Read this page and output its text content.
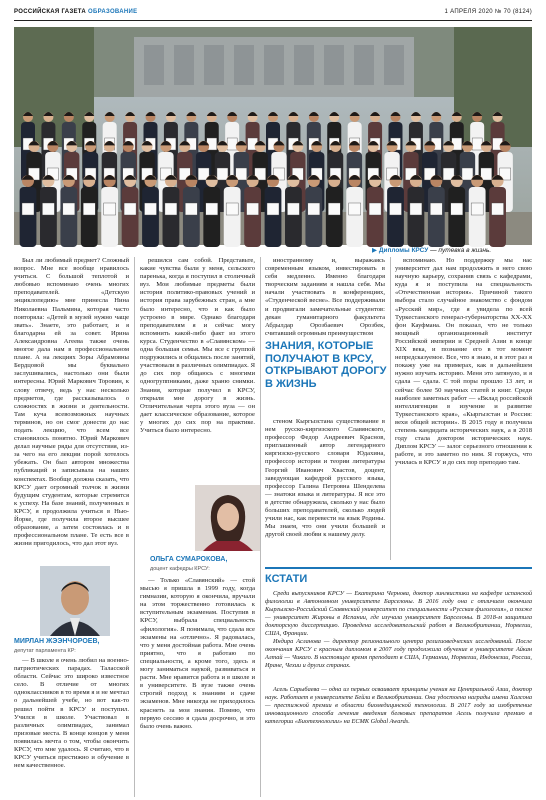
РОССИЙСКАЯ ГАЗЕТА ОБРАЗОВАНИЕ	1 АПРЕЛЯ 2020 № 70 (8124)
▶ Дипломы КРСУ — путевка в жизнь.

Был ли любимый предмет? Сложный вопрос. Мне все вообще нравилось учиться. С большой теплотой и любовью вспоминаю очень многих преподавателей. «Детскую энциклопедию» мне принесла Нина Николаевна Пальмина, которая часто повторяла: «Детей в музей нужно чаще звать». Знаете, это работает, и я благодарна ей за совет. Ирина Александровна Агеева также очень многое дала нам в профессиональном плане. А на лекциях Зоры Абрамовны Бердцовой мы буквально заслушивались, настолько они были интересны. Юрий Маркович Торовин, к слову отвечу, ведь у нас несколько предметов, где рассказывалось о сложностях в жизни и деятельности. Там куча всевозможных научных терминов, но он смог донести до нас подать лекцию, что всем все становилось понятно. Юрий Маркович делал научные ряды для отсутствия, из-за чего на его лекции порой хотелось убежать. Он был автором множества публикаций и записывала на наших конспектах. Вообще должна сказать, что КРСУ дает огромный толчок в жизни будущим студентам, которые стремятся к успеху. На базе знаний, полученных в КРСУ, я продолжила учиться в Нью-Йорке, где получила второе высшее образование, а затем состоялась и в профессиональном плане. Те есть все в жизни пригодилось, что дал этот вуз.

МИРЛАН ЖЭЭНЧОРОЕВ,
депутат парламента КР:

— В школе я очень любил на военно-патриотических парадах. Таласской области. Сейчас это широко известное село. В отличие от многих одноклассников в то время я и не мечтал о дальнейшей учебе, но вот как-то решил пойти в КРСУ и поступил. Учился в школе. Участвовал в различных олимпиадах, занимал призовые места. В конце концов у меня появилась мечта о том, чтобы окончить КРСУ, что мне удалось. Я считаю, что в КРСУ учиться престижно и обучение в нем качественное.

решился сам собой. Представьте, какие чувства были у меня, сельского паренька, когда я поступил в столичный вуз. Мои любимые предметы были история политико-правовых учений и история права зарубежных стран, а мне было интересно, что и как было устроено в мире. Однако благодаря преподавателям я и сейчас могу вспомнить какой-либо факт из этого курса. Студенчество в «Славянском» — одна большая семья. Мы все с группой подружились и общались после занятий, участвовали в различных олимпиадах. Я до сих пор общаюсь с многими одногруппниками, даже храню снимки. Знания, которые получил в КРСУ, открыли мне дорогу в жизнь. Отличительная черта этого вуза — он дает классическое образование, которое у многих до сих пор на практике. Учиться было интересно.

ОЛЬГА СУМАРОКОВА,
доцент кафедры КРСУ:

— Только «Славянский» — стой мысью я пришла в 1999 году, когда гимназии, которую я окончила, вручали на этом торжественно готовилась к вступительным экзаменам. Поступив в КРСУ, выбрала специальность «филология». Я понимала, что сдала все экзамены на «отлично». Я радовалась, что у меня достойная работа. Мне очень приятно, что я работаю по специальности, а кроме того, здесь я могу заниматься наукой, развиваться и расти. Мне нравится работа и в школе и в университете. В вузе также очень строгий подход к знаниям и сдаче экзаменов. Мне никогда не приходилось краснеть за мои знания. Помню, что первую сессию я сдала досрочно, и это было очень важно.

иностранному и, выражаясь современным языком, инвестировать в себя медленно. Именно благодаря творческим заданиям я нашла себя. Мы начали участвовать в конференциях, «Студенческой весне». Все поддерживали и продвигали замечательные студентов: декан гуманитарного факультета Абдылдар Орозбаевич Орозбек, считавший огромным преимуществом

ЗНАНИЯ, КОТОРЫЕ ПОЛУЧАЮТ В КРСУ, ОТКРЫВАЮТ ДОРОГУ В ЖИЗНЬ

стеном Кыргызстана существование в нем русско-киргизского Славянского, профессор Федор Андреевич Краснов, приглашенный автор легендарного киргизско-русского словаря Юдахина, профессор истории и теории литературы Георгий Иванович Хвастов, доцент, заведующая кафедрой русского языка, профессор Галина Петровна Шенделева — знатоки языка и литературы. Я все это в детстве обнаружила, сколько у нас было больших преподавателей, сколько людей учили нас, как перевести на язык Родины. Мы знаем, что они учили большей и другой своей любви к нашему делу.

вспоминаю. Но поддержку мы нас университет дал нам продолжить в него свою научную карьеру, сохранив связь с кафедрами, куда я и поступила на специальность «Отечественная история». Причиной такого выбора стало случайное знакомство с фондом «Русский мир», где я увидела по всей Туркестанского генерал-губернаторства ХХ-ХХ фон Кауфмана. Он показал, что не только мощный организационный институт Российской империи и Средней Азии в конце ХIХ века, и познание его в тот момент непредсказуемое. Все, что я знаю, и в этот раз я покажу уже на примерах, как в дальнейшем нужно изучать историю. Меня это затянуло, и я сдала — сдала. С той поры прошло 13 лет, и сейчас более 50 научных статей и книг. Среди наиболее заметных работ — «Вклад российской интеллигенции в изучение и развитие Туркестанского края», «Кыргызстан и Россия: вехи общей истории». В 2015 году я получила степень кандидата исторических наук, а в 2018 году стала доктором исторических наук. Диплом КРСУ — залог серьезного отношения к работе, и это заметно по ним. Я горжусь, что училась в КРСУ и до сих пор преподаю там.

КСТАТИ

Среди выпускников КРСУ — Екатерина Чернова, доктор лингвистики на кафедре испанской филологии в Автономном университете Барселоны. В 2016 году она с отличием окончила Кыргызско-Российский Славянский университет по специальности «Русская филология», а позже — университет Жироны в Испании, где изучала университет Барселоны. В 2018-м защитила докторскую диссертацию. Проведена исследовательский работ в Великобритании, Норвегии, США, Франции.

Индира Асланова — директор регионального центра религиоведческих исследований. После окончания КРСУ с красным дипломом в 2007 году продолжила обучение в университете Айкан Алтай — Чикаго. В настоящее время преподает в США, Германии, Норвегии, Индонезии, России, Иране, Чехии и других странах.

Асель Сарыбаева — одна из первых осваивает принципы учения на Центральной Азии, доктор наук. Работает в университете Бейли в Великобритании. Она удостоена награды имени Халсона — престижной премии в области биомедицинской технологии. В 2017 году за изобретение инновационного способа лечения введения белковых препаратов Асель получила премию в категории «Биотехнологии» на ЕСМК Global Awards.
